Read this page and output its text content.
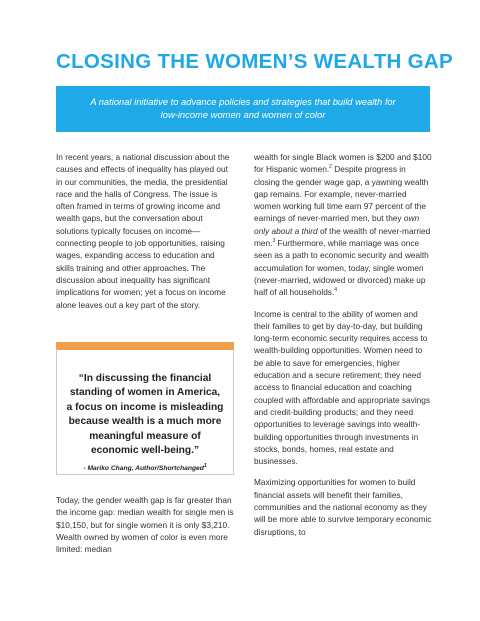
CLOSING THE WOMEN’S WEALTH GAP
A national initiative to advance policies and strategies that build wealth for
low-income women and women of color

In recent years, a national discussion about the causes and effects of inequality has played out in our communities, the media, the presidential race and the halls of Congress. The issue is often framed in terms of growing income and wealth gaps, but the conversation about solutions typically focuses on income—connecting people to job opportunities, raising wages, expanding access to education and skills training and other approaches. The discussion about inequality has significant implications for women; yet a focus on income alone leaves out a key part of the story.

“In discussing the financial standing of women in America, a focus on income is misleading because wealth is a much more meaningful measure of economic well-being.”
- Mariko Chang, Author/Shortchanged$^1$

Today, the gender wealth gap is far greater than the income gap: median wealth for single men is $10,150, but for single women it is only $3,210. Wealth owned by women of color is even more limited: median

wealth for single Black women is $200 and $100 for Hispanic women.$^2$ Despite progress in closing the gender wage gap, a yawning wealth gap remains. For example, never-married women working full time earn 97 percent of the earnings of never-married men, but they own only about a third of the wealth of never-married men.$^3$ Furthermore, while marriage was once seen as a path to economic security and wealth accumulation for women, today, single women (never-married, widowed or divorced) make up half of all households.$^4$

Income is central to the ability of women and their families to get by day-to-day, but building long-term economic security requires access to wealth-building opportunities. Women need to be able to save for emergencies, higher education and a secure retirement; they need access to financial education and coaching coupled with affordable and appropriate savings and credit-building products; and they need opportunities to leverage savings into wealth-building opportunities through investments in stocks, bonds, homes, real estate and businesses.

Maximizing opportunities for women to build financial assets will benefit their families, communities and the national economy as they will be more able to survive temporary economic disruptions, to
